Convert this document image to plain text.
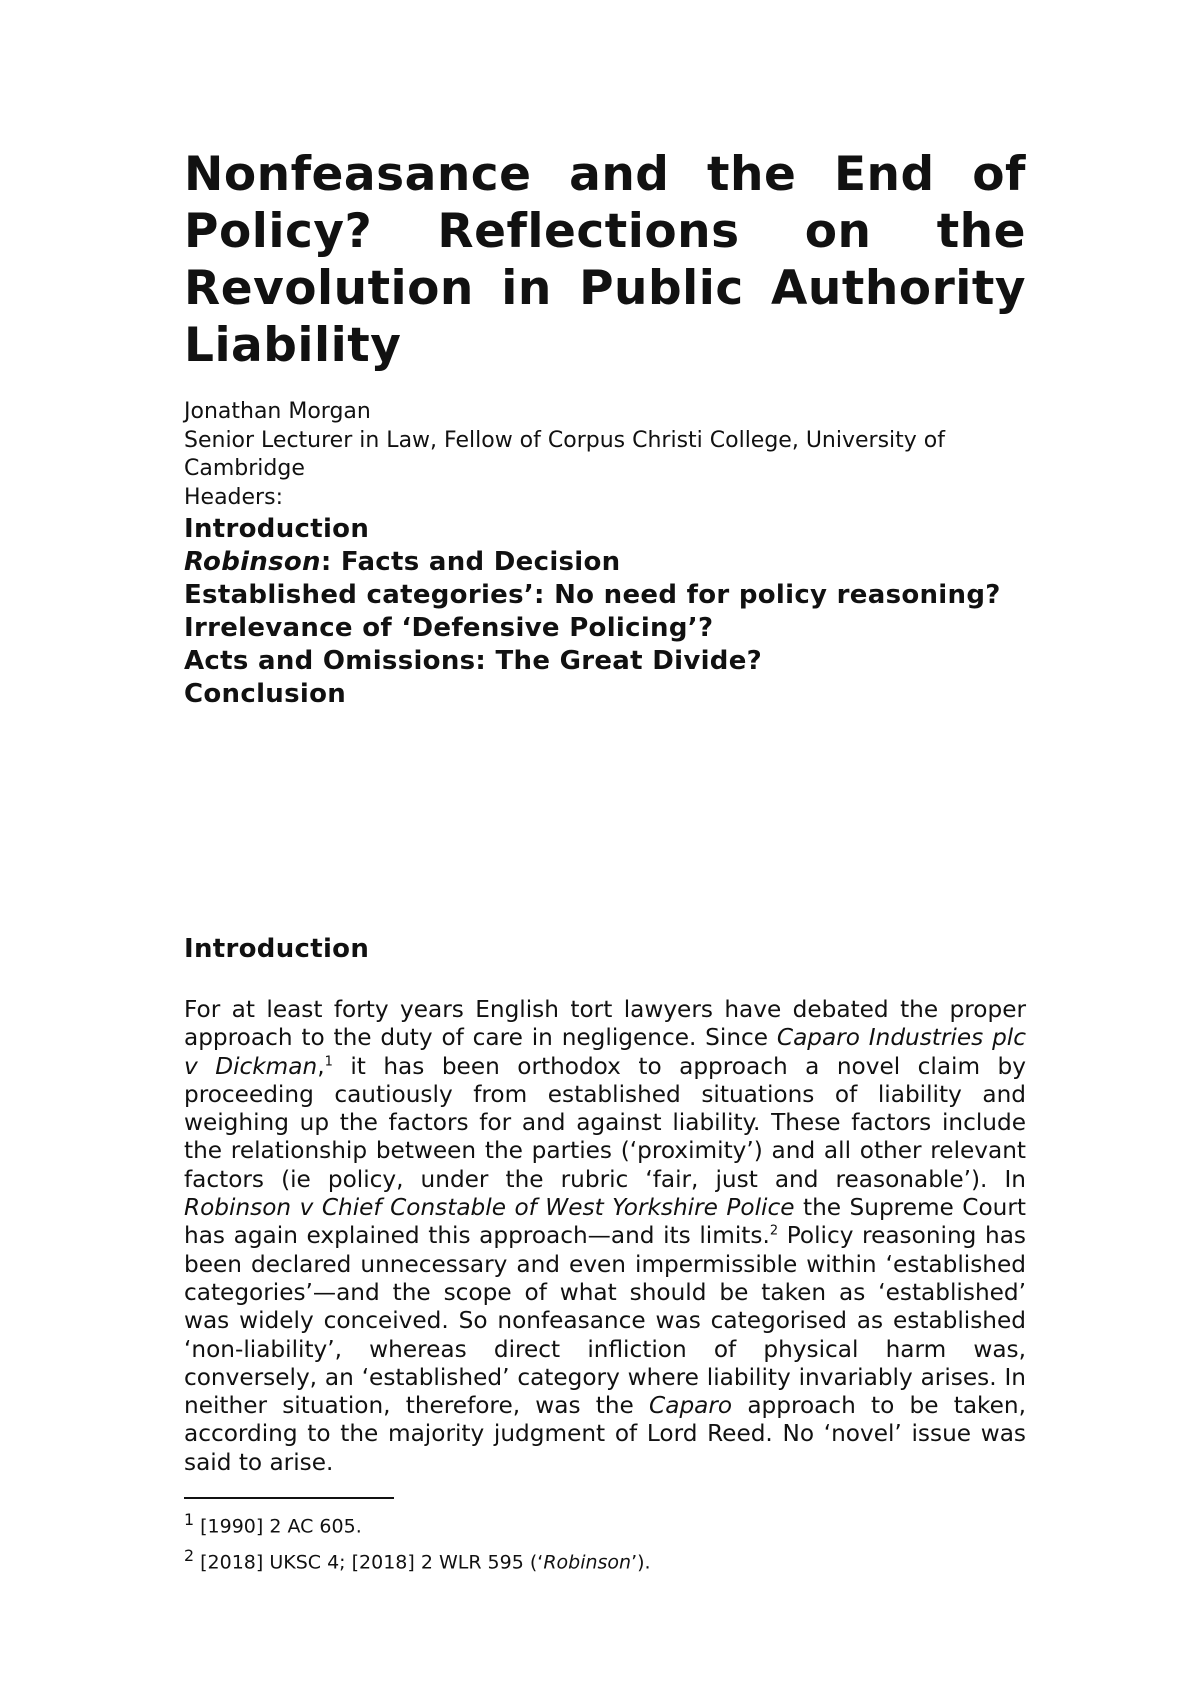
Nonfeasance and the End of Policy? Reflections on the Revolution in Public Authority Liability
Jonathan Morgan
Senior Lecturer in Law, Fellow of Corpus Christi College, University of Cambridge
Headers:
Introduction
Robinson: Facts and Decision
Established categories’: No need for policy reasoning?
Irrelevance of ‘Defensive Policing’?
Acts and Omissions: The Great Divide?
Conclusion
Introduction

For at least forty years English tort lawyers have debated the proper approach to the duty of care in negligence. Since Caparo Industries plc v Dickman,$^1$ it has been orthodox to approach a novel claim by proceeding cautiously from established situations of liability and weighing up the factors for and against liability. These factors include the relationship between the parties (‘proximity’) and all other relevant factors (ie policy, under the rubric ‘fair, just and reasonable’). In Robinson v Chief Constable of West Yorkshire Police the Supreme Court has again explained this approach—and its limits.$^2$ Policy reasoning has been declared unnecessary and even impermissible within ‘established categories’—and the scope of what should be taken as ‘established’ was widely conceived. So nonfeasance was categorised as established ‘non-liability’, whereas direct infliction of physical harm was, conversely, an ‘established’ category where liability invariably arises. In neither situation, therefore, was the Caparo approach to be taken, according to the majority judgment of Lord Reed. No ‘novel’ issue was said to arise.

$^1$ [1990] 2 AC 605.
$^2$ [2018] UKSC 4; [2018] 2 WLR 595 (‘Robinson’).
